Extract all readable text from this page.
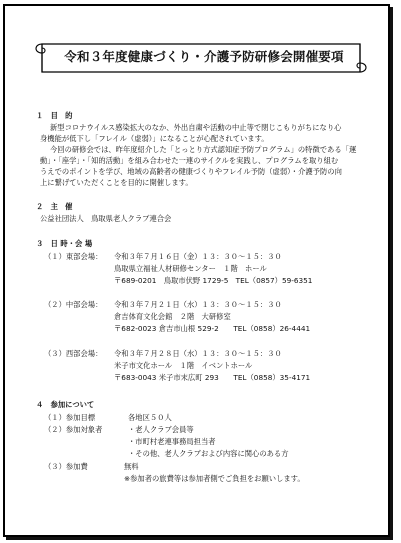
令和３年度健康づくり・介護予防研修会開催要項
１　目　的
新型コロナウイルス感染拡大のなか、外出自粛や活動の中止等で閉じこもりがちになり心
身機能が低下し「フレイル（虚弱）」になることが心配されています。
今回の研修会では、昨年度紹介した「とっとり方式認知症予防プログラム」の特徴である「運
動」・「座学」・「知的活動」を組み合わせた一連のサイクルを実践し、プログラムを取り組む
うえでのポイントを学び、地域の高齢者の健康づくりやフレイル予防（虚弱）・介護予防の向
上に繋げていただくことを目的に開催します。
２　主　催
公益社団法人　鳥取県老人クラブ連合会
３　日 時・会 場
（１）東部会場： 令和３年７月１６日（金）１３：３０～１５：３０
鳥取県立福祉人材研修センター　１階　ホール
〒689-0201　鳥取市伏野 1729-5　TEL（0857）59-6351
（２）中部会場： 令和３年７月２１日（水）１３：３０～１５：３０
倉吉体育文化会館　２階　大研修室
〒682-0023 倉吉市山根 529-2　　TEL（0858）26-4441
（３）西部会場： 令和３年７月２８日（水）１３：３０～１５：３０
米子市文化ホール　１階　イベントホール
〒683-0043 米子市末広町 293　　TEL（0858）35-4171
４　参加について
（１）参加目標	各地区５０人
（２）参加対象者	・老人クラブ会員等
・市町村老連事務局担当者
・その他、老人クラブおよび内容に関心のある方
（３）参加費	無料
※参加者の旅費等は参加者側でご負担をお願いします。
